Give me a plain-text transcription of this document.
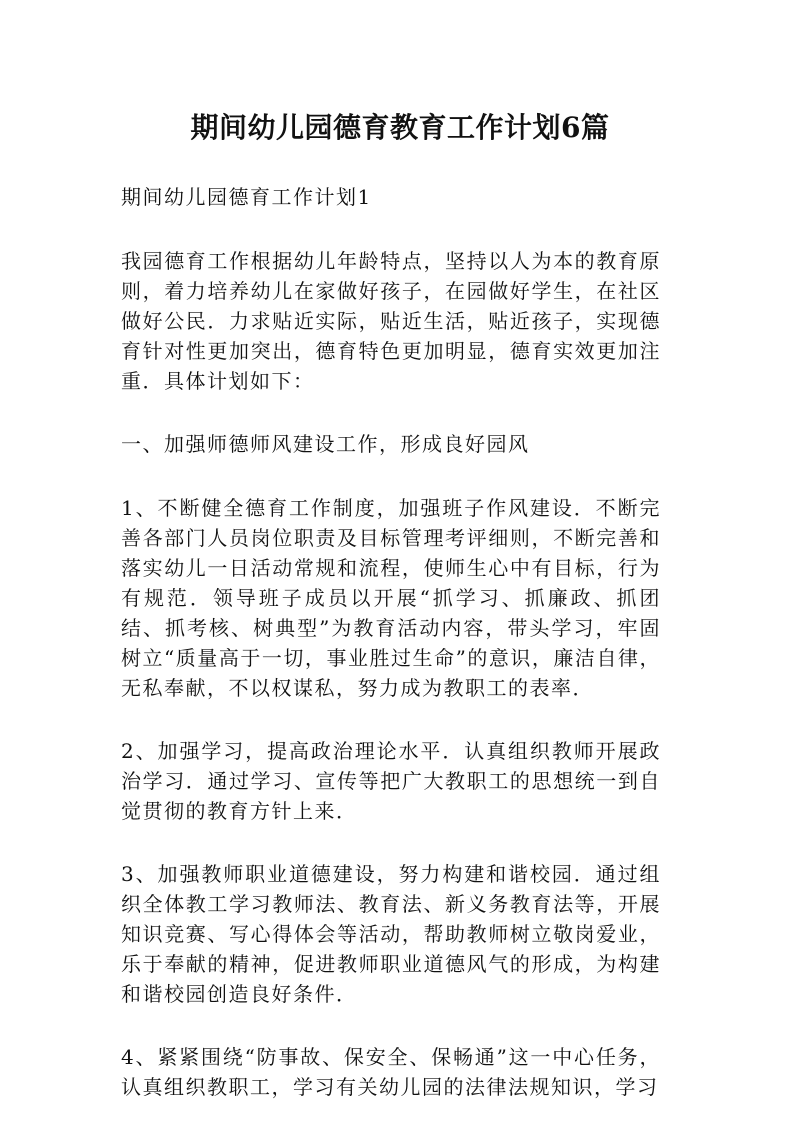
期间幼儿园德育教育工作计划6篇

期间幼儿园德育工作计划1

我园德育工作根据幼儿年龄特点，坚持以人为本的教育原则，着力培养幼儿在家做好孩子，在园做好学生，在社区做好公民．力求贴近实际，贴近生活，贴近孩子，实现德育针对性更加突出，德育特色更加明显，德育实效更加注重．具体计划如下：

一、加强师德师风建设工作，形成良好园风

1、不断健全德育工作制度，加强班子作风建设．不断完善各部门人员岗位职责及目标管理考评细则，不断完善和落实幼儿一日活动常规和流程，使师生心中有目标，行为有规范．领导班子成员以开展“抓学习、抓廉政、抓团结、抓考核、树典型”为教育活动内容，带头学习，牢固树立“质量高于一切，事业胜过生命”的意识，廉洁自律，无私奉献，不以权谋私，努力成为教职工的表率．

2、加强学习，提高政治理论水平．认真组织教师开展政治学习．通过学习、宣传等把广大教职工的思想统一到自觉贯彻的教育方针上来．

3、加强教师职业道德建设，努力构建和谐校园．通过组织全体教工学习教师法、教育法、新义务教育法等，开展知识竞赛、写心得体会等活动，帮助教师树立敬岗爱业，乐于奉献的精神，促进教师职业道德风气的形成，为构建和谐校园创造良好条件．

4、紧紧围绕“防事故、保安全、保畅通”这一中心任务，认真组织教职工，学习有关幼儿园的法律法规知识，学习
